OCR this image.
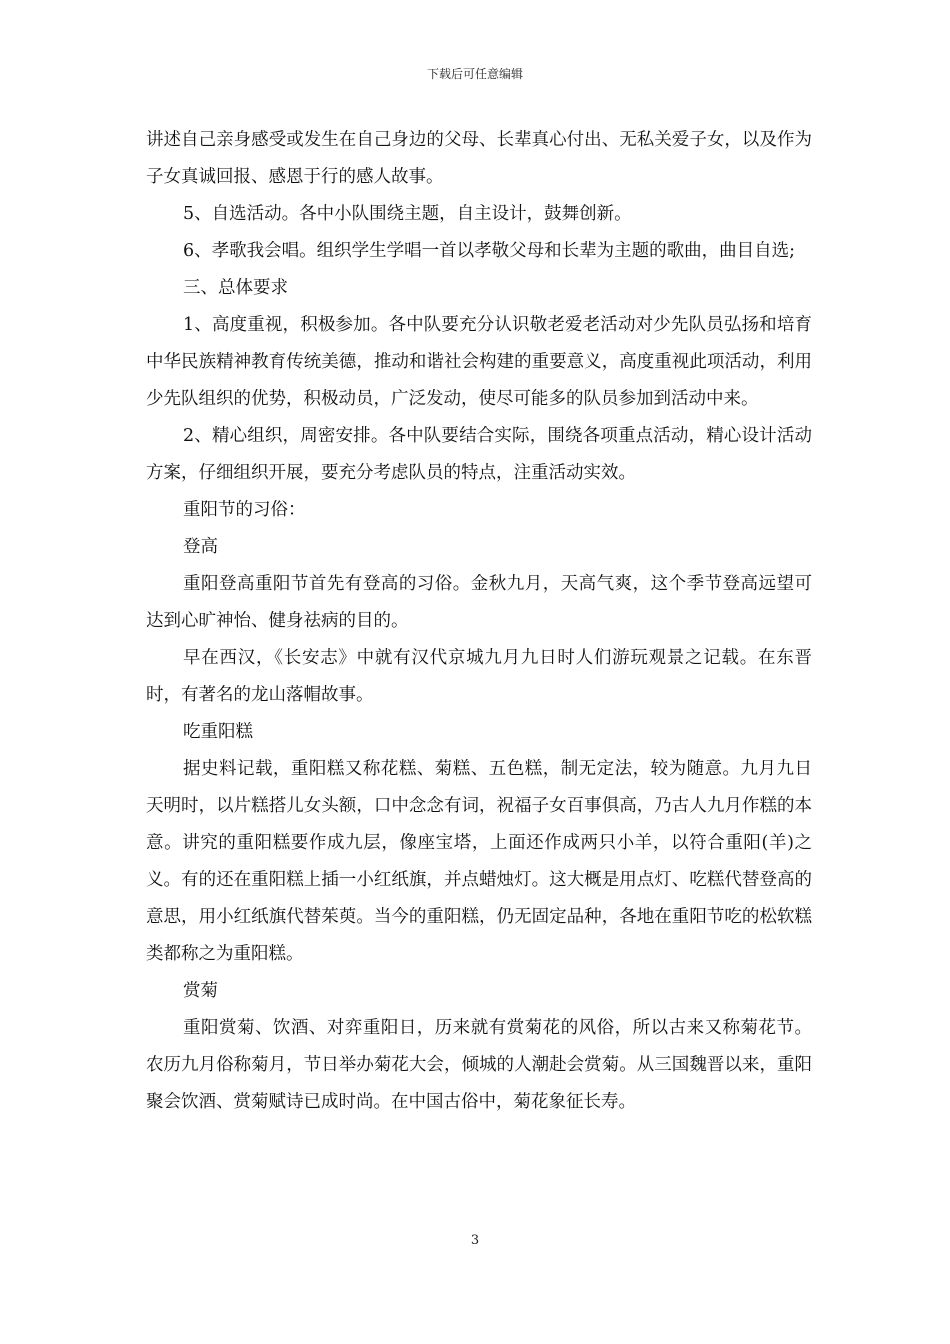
下载后可任意编辑

讲述自己亲身感受或发生在自己身边的父母、长辈真心付出、无私关爱子女，以及作为子女真诚回报、感恩于行的感人故事。

5、自选活动。各中小队围绕主题，自主设计，鼓舞创新。

6、孝歌我会唱。组织学生学唱一首以孝敬父母和长辈为主题的歌曲，曲目自选;

三、总体要求

1、高度重视，积极参加。各中队要充分认识敬老爱老活动对少先队员弘扬和培育中华民族精神教育传统美德，推动和谐社会构建的重要意义，高度重视此项活动，利用少先队组织的优势，积极动员，广泛发动，使尽可能多的队员参加到活动中来。

2、精心组织，周密安排。各中队要结合实际，围绕各项重点活动，精心设计活动方案，仔细组织开展，要充分考虑队员的特点，注重活动实效。

重阳节的习俗：

登高

重阳登高重阳节首先有登高的习俗。金秋九月，天高气爽，这个季节登高远望可达到心旷神怡、健身祛病的目的。

早在西汉，《长安志》中就有汉代京城九月九日时人们游玩观景之记载。在东晋时，有著名的龙山落帽故事。

吃重阳糕

据史料记载，重阳糕又称花糕、菊糕、五色糕，制无定法，较为随意。九月九日天明时，以片糕搭儿女头额，口中念念有词，祝福子女百事俱高，乃古人九月作糕的本意。讲究的重阳糕要作成九层，像座宝塔，上面还作成两只小羊，以符合重阳(羊)之义。有的还在重阳糕上插一小红纸旗，并点蜡烛灯。这大概是用点灯、吃糕代替登高的意思，用小红纸旗代替茱萸。当今的重阳糕，仍无固定品种，各地在重阳节吃的松软糕类都称之为重阳糕。

赏菊

重阳赏菊、饮酒、对弈重阳日，历来就有赏菊花的风俗，所以古来又称菊花节。农历九月俗称菊月，节日举办菊花大会，倾城的人潮赴会赏菊。从三国魏晋以来，重阳聚会饮酒、赏菊赋诗已成时尚。在中国古俗中，菊花象征长寿。

3
